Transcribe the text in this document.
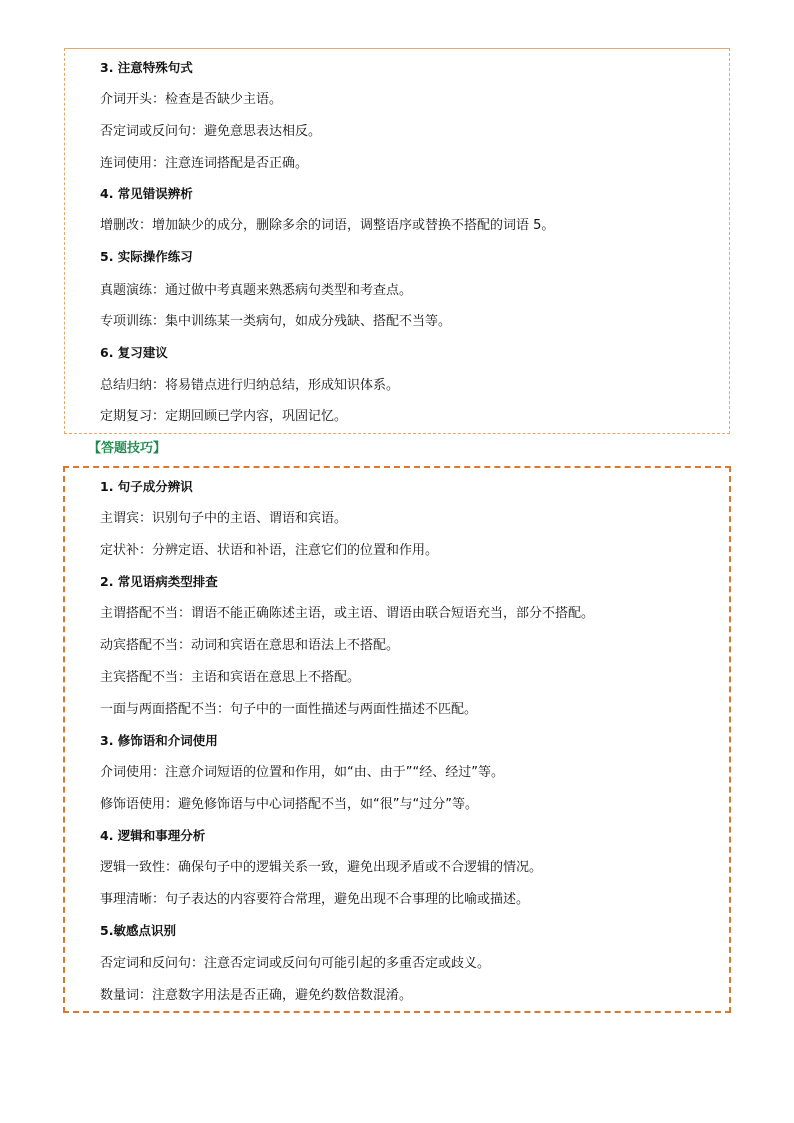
3. 注意特殊句式

介词开头：检查是否缺少主语。

否定词或反问句：避免意思表达相反。

连词使用：注意连词搭配是否正确。

4. 常见错误辨析

增删改：增加缺少的成分，删除多余的词语，调整语序或替换不搭配的词语 5。

5. 实际操作练习

真题演练：通过做中考真题来熟悉病句类型和考查点。

专项训练：集中训练某一类病句，如成分残缺、搭配不当等。

6. 复习建议

总结归纳：将易错点进行归纳总结，形成知识体系。

定期复习：定期回顾已学内容，巩固记忆。

【答题技巧】

1. 句子成分辨识

主谓宾：识别句子中的主语、谓语和宾语。

定状补：分辨定语、状语和补语，注意它们的位置和作用。

2. 常见语病类型排查

主谓搭配不当：谓语不能正确陈述主语，或主语、谓语由联合短语充当，部分不搭配。

动宾搭配不当：动词和宾语在意思和语法上不搭配。

主宾搭配不当：主语和宾语在意思上不搭配。

一面与两面搭配不当：句子中的一面性描述与两面性描述不匹配。

3. 修饰语和介词使用

介词使用：注意介词短语的位置和作用，如“由、由于”“经、经过”等。

修饰语使用：避免修饰语与中心词搭配不当，如“很”与“过分”等。

4. 逻辑和事理分析

逻辑一致性：确保句子中的逻辑关系一致，避免出现矛盾或不合逻辑的情况。

事理清晰：句子表达的内容要符合常理，避免出现不合事理的比喻或描述。

5.敏感点识别

否定词和反问句：注意否定词或反问句可能引起的多重否定或歧义。

数量词：注意数字用法是否正确，避免约数倍数混淆。
